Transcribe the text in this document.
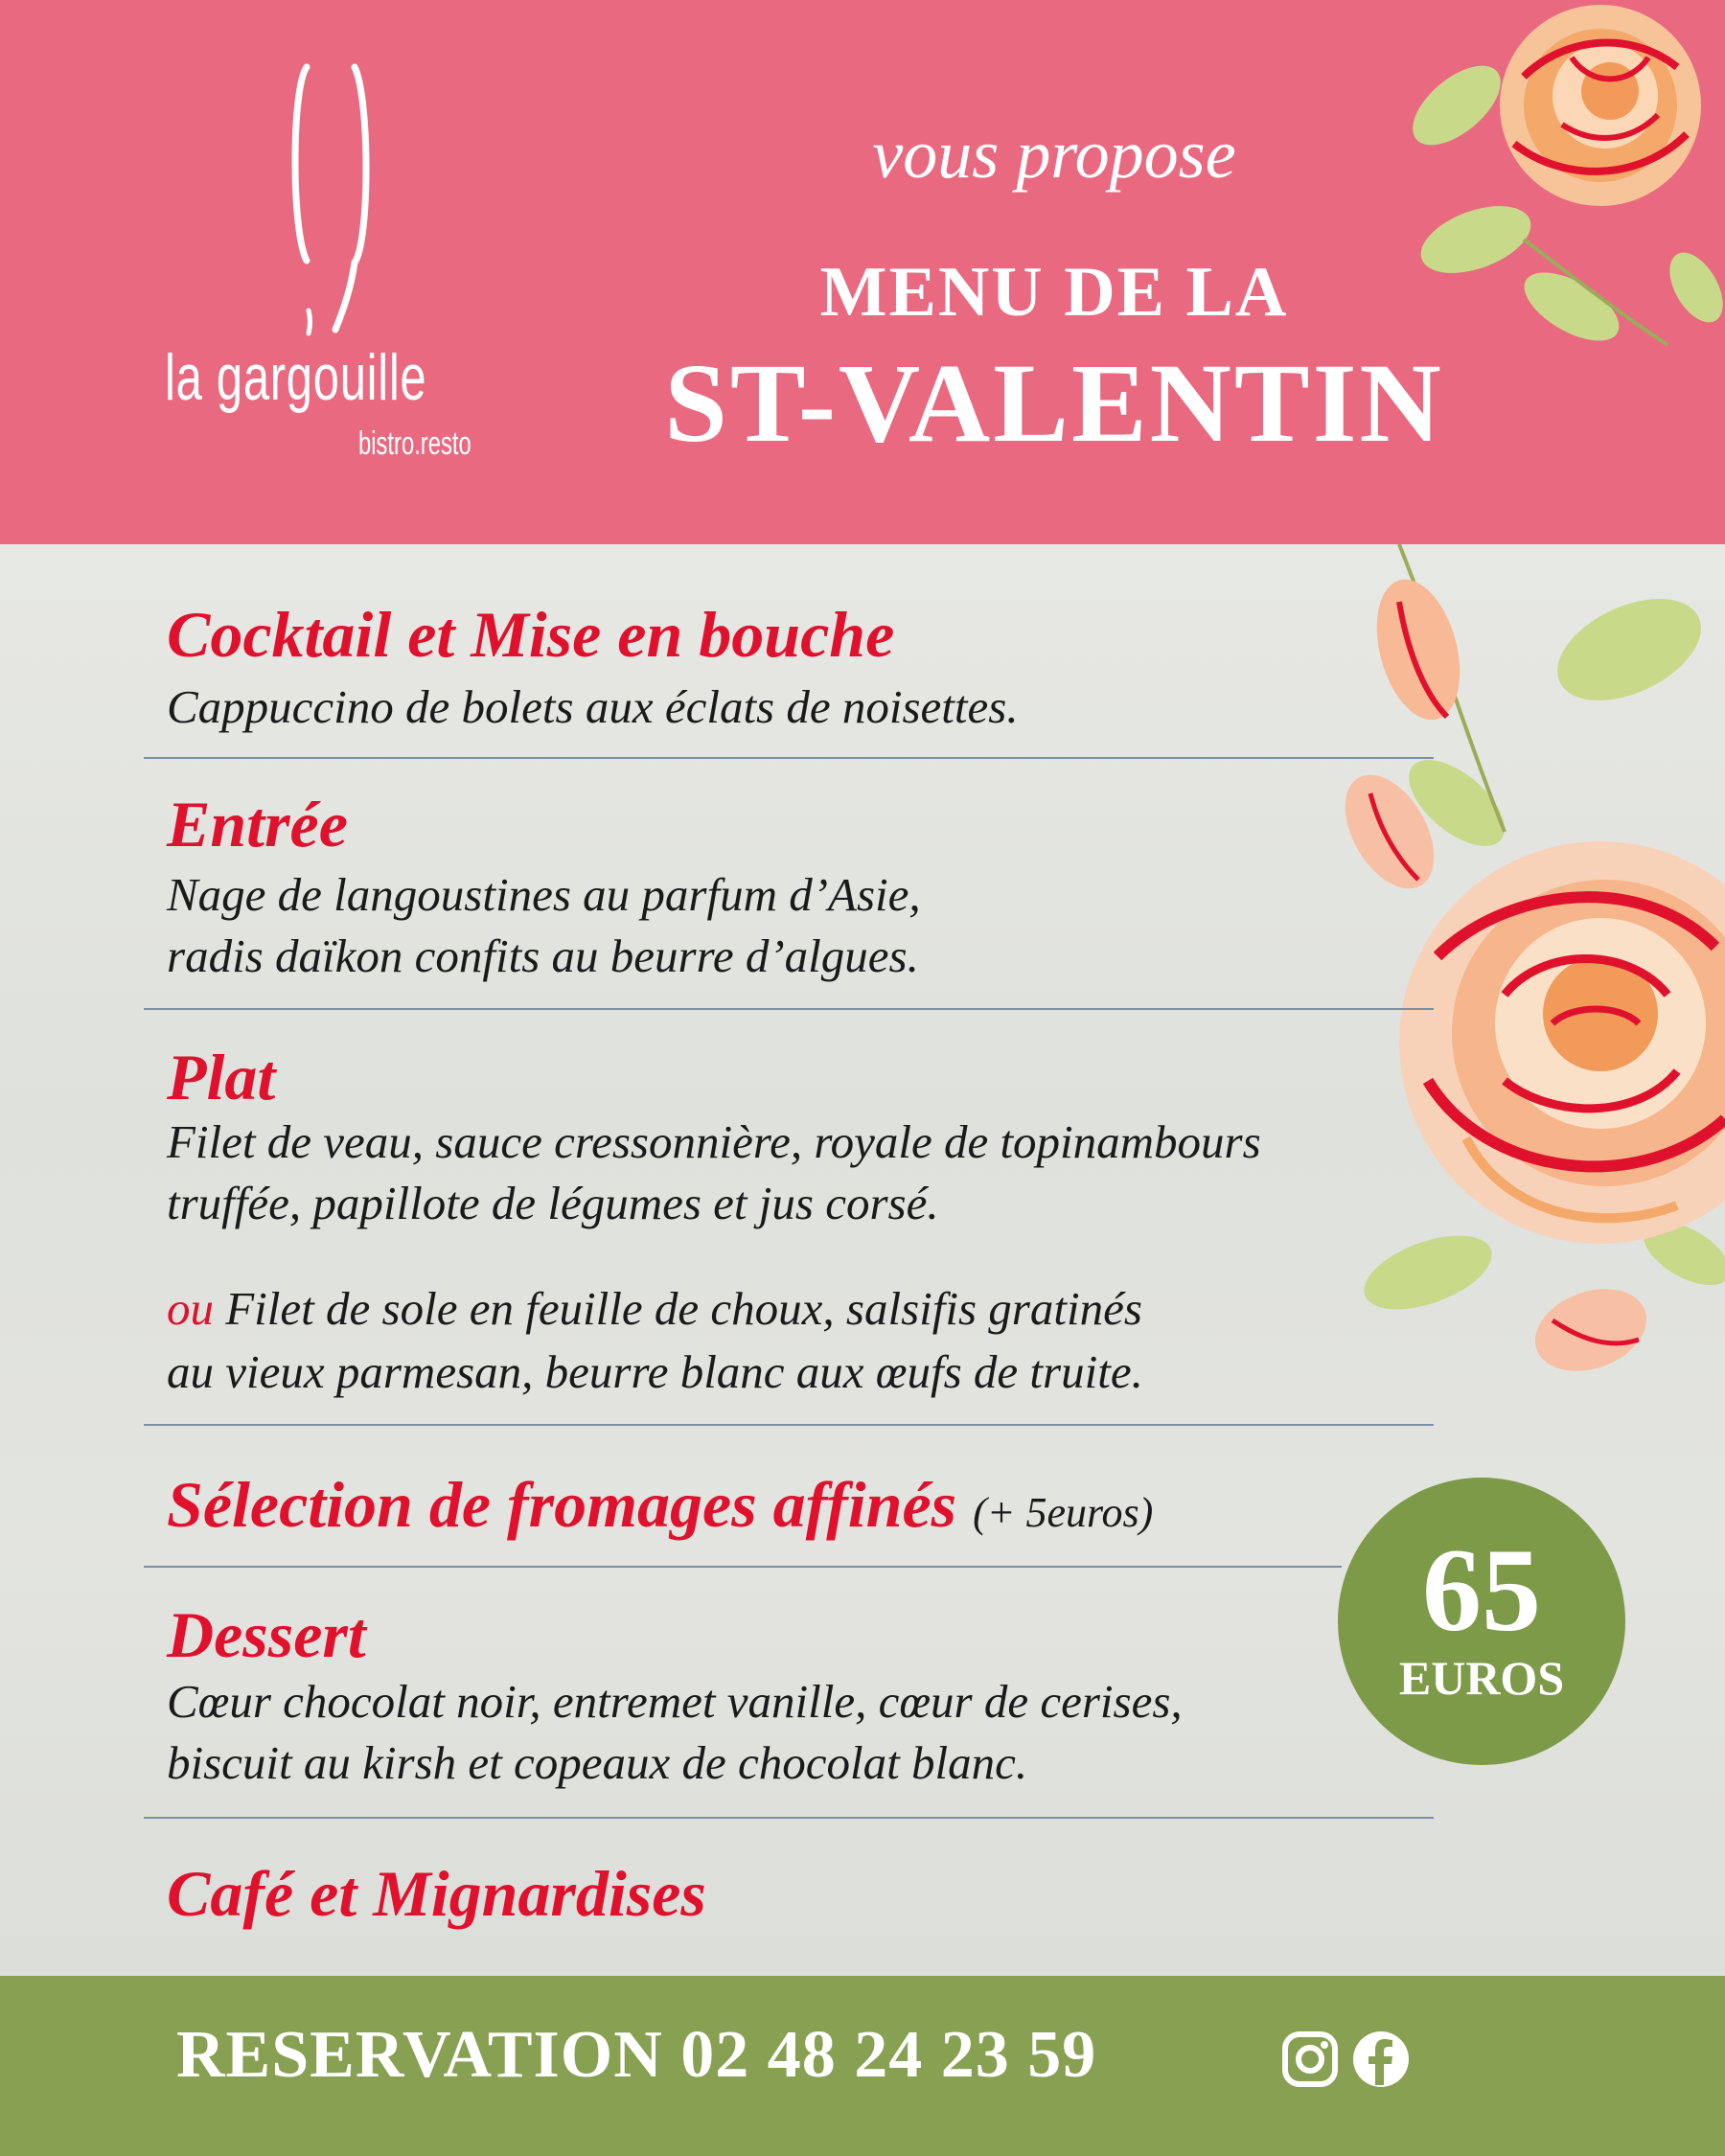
la gargouille
bistro.resto
vous propose
MENU DE LA
ST-VALENTIN
Cocktail et Mise en bouche
Cappuccino de bolets aux éclats de noisettes.
Entrée
Nage de langoustines au parfum d’Asie,
radis daïkon confits au beurre d’algues.
Plat
Filet de veau, sauce cressonnière, royale de topinambours
truffée, papillote de légumes et jus corsé.
ou Filet de sole en feuille de choux, salsifis gratinés
au vieux parmesan, beurre blanc aux œufs de truite.
Sélection de fromages affinés (+ 5euros)
Dessert
Cœur chocolat noir, entremet vanille, cœur de cerises,
biscuit au kirsh et copeaux de chocolat blanc.
Café et Mignardises
65
EUROS
RESERVATION 02 48 24 23 59
